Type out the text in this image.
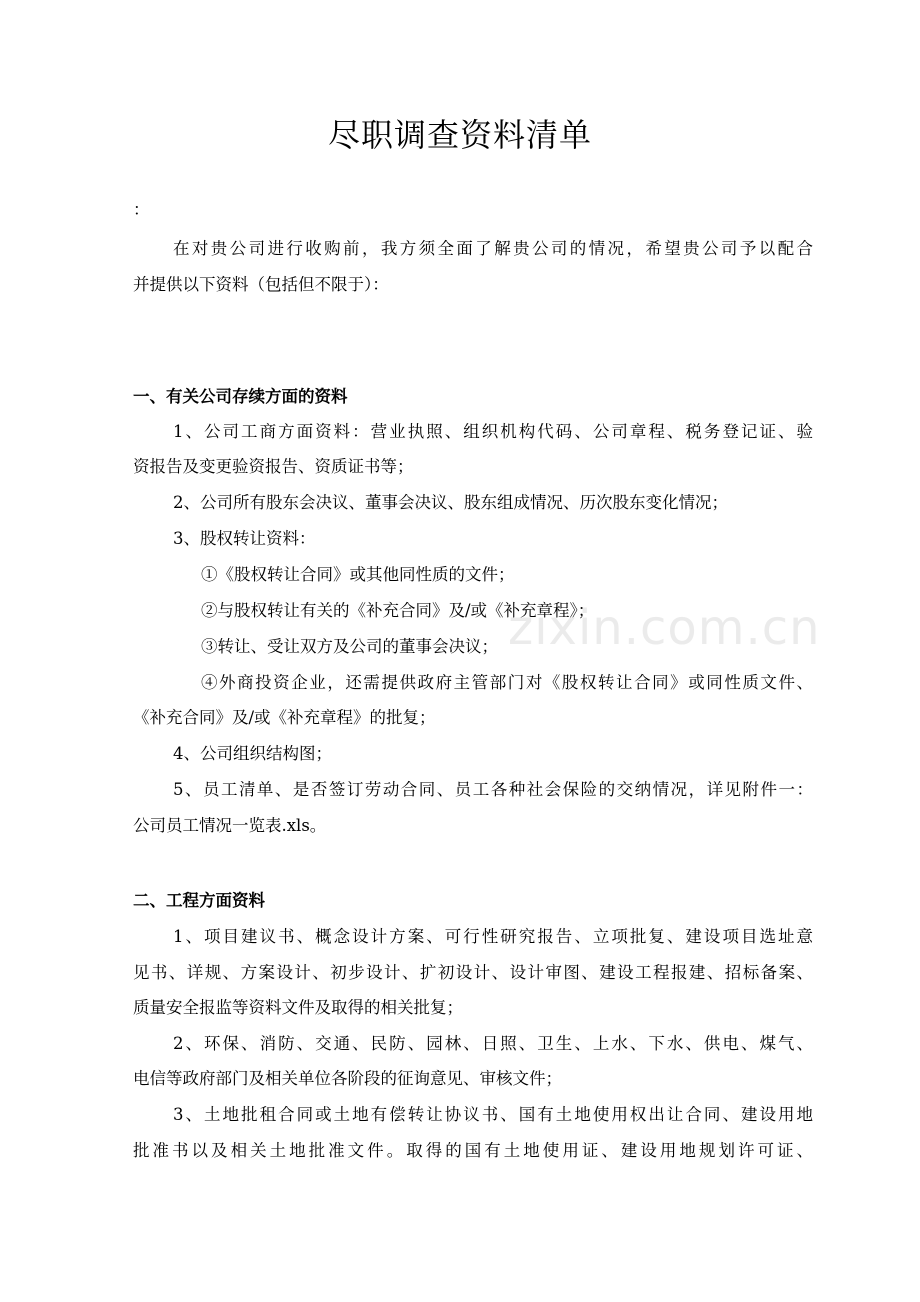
尽职调查资料清单

：

在对贵公司进行收购前，我方须全面了解贵公司的情况，希望贵公司予以配合

并提供以下资料（包括但不限于）：

一、有关公司存续方面的资料

1、公司工商方面资料：营业执照、组织机构代码、公司章程、税务登记证、验

资报告及变更验资报告、资质证书等；

2、公司所有股东会决议、董事会决议、股东组成情况、历次股东变化情况；

3、股权转让资料：

①《股权转让合同》或其他同性质的文件；

②与股权转让有关的《补充合同》及/或《补充章程》；

③转让、受让双方及公司的董事会决议；

④外商投资企业，还需提供政府主管部门对《股权转让合同》或同性质文件、

《补充合同》及/或《补充章程》的批复；

4、公司组织结构图；

5、员工清单、是否签订劳动合同、员工各种社会保险的交纳情况，详见附件一：

公司员工情况一览表.xls。

二、工程方面资料

1、项目建议书、概念设计方案、可行性研究报告、立项批复、建设项目选址意

见书、详规、方案设计、初步设计、扩初设计、设计审图、建设工程报建、招标备案、

质量安全报监等资料文件及取得的相关批复；

2、环保、消防、交通、民防、园林、日照、卫生、上水、下水、供电、煤气、

电信等政府部门及相关单位各阶段的征询意见、审核文件；

3、土地批租合同或土地有偿转让协议书、国有土地使用权出让合同、建设用地

批准书以及相关土地批准文件。取得的国有土地使用证、建设用地规划许可证、

zixin.com.cn
